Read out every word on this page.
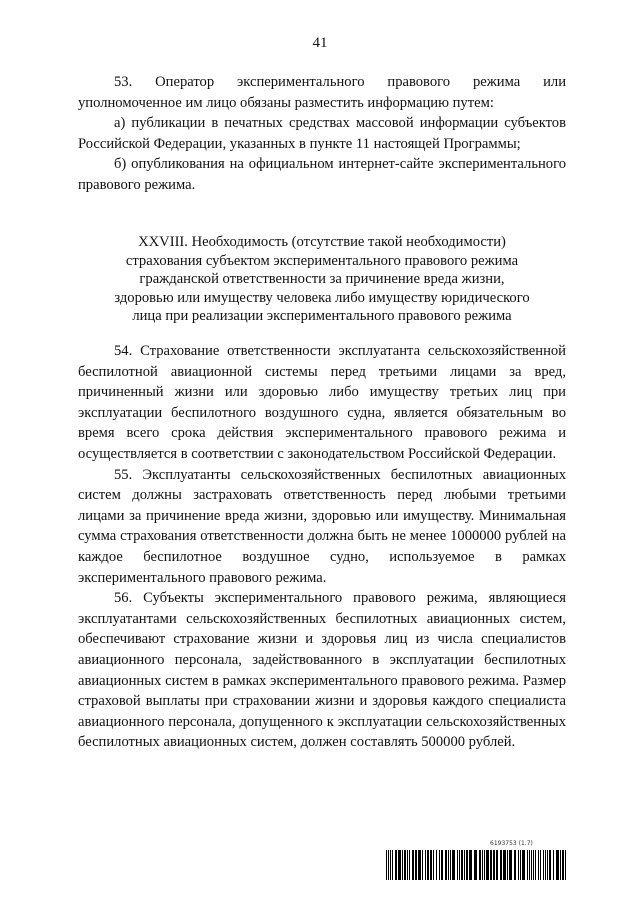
41

53. Оператор экспериментального правового режима или уполномоченное им лицо обязаны разместить информацию путем:

а) публикации в печатных средствах массовой информации субъектов Российской Федерации, указанных в пункте 11 настоящей Программы;

б) опубликования на официальном интернет-сайте экспериментального правового режима.

XXVIII. Необходимость (отсутствие такой необходимости)
страхования субъектом экспериментального правового режима
гражданской ответственности за причинение вреда жизни,
здоровью или имуществу человека либо имуществу юридического
лица при реализации экспериментального правового режима

54. Страхование ответственности эксплуатанта сельскохозяйственной беспилотной авиационной системы перед третьими лицами за вред, причиненный жизни или здоровью либо имуществу третьих лиц при эксплуатации беспилотного воздушного судна, является обязательным во время всего срока действия экспериментального правового режима и осуществляется в соответствии с законодательством Российской Федерации.

55. Эксплуатанты сельскохозяйственных беспилотных авиационных систем должны застраховать ответственность перед любыми третьими лицами за причинение вреда жизни, здоровью или имуществу. Минимальная сумма страхования ответственности должна быть не менее 1000000 рублей на каждое беспилотное воздушное судно, используемое в рамках экспериментального правового режима.

56. Субъекты экспериментального правового режима, являющиеся эксплуатантами сельскохозяйственных беспилотных авиационных систем, обеспечивают страхование жизни и здоровья лиц из числа специалистов авиационного персонала, задействованного в эксплуатации беспилотных авиационных систем в рамках экспериментального правового режима. Размер страховой выплаты при страховании жизни и здоровья каждого специалиста авиационного персонала, допущенного к эксплуатации сельскохозяйственных беспилотных авиационных систем, должен составлять 500000 рублей.

6193753 (1.7)
